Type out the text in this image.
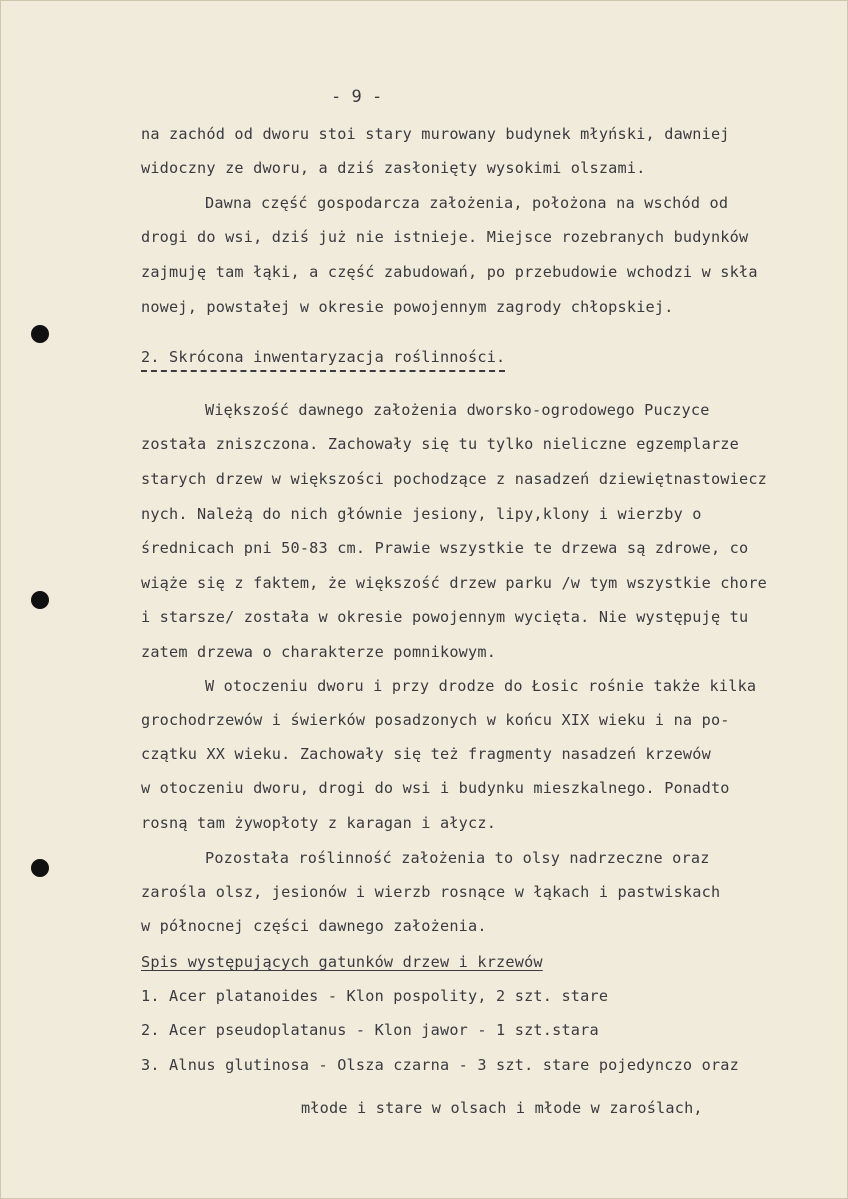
- 9 -
na zachód od dworu stoi stary murowany budynek młyński, dawniej
widoczny ze dworu, a dziś zasłonięty wysokimi olszami.
Dawna część gospodarcza założenia, położona na wschód od
drogi do wsi, dziś już nie istnieje. Miejsce rozebranych budynków
zajmuję tam łąki, a część zabudowań, po przebudowie wchodzi w skła
nowej, powstałej w okresie powojennym zagrody chłopskiej.
2. Skrócona inwentaryzacja roślinności.
Większość dawnego założenia dworsko-ogrodowego Puczyce
została zniszczona. Zachowały się tu tylko nieliczne egzemplarze
starych drzew w większości pochodzące z nasadzeń dziewiętnastowiecz
nych. Należą do nich głównie jesiony, lipy,klony i wierzby o
średnicach pni 50-83 cm. Prawie wszystkie te drzewa są zdrowe, co
wiąże się z faktem, że większość drzew parku /w tym wszystkie chore
i starsze/ została w okresie powojennym wycięta. Nie występuję tu
zatem drzewa o charakterze pomnikowym.
W otoczeniu dworu i przy drodze do Łosic rośnie także kilka
grochodrzewów i świerków posadzonych w końcu XIX wieku i na po-
czątku XX wieku. Zachowały się też fragmenty nasadzeń krzewów
w otoczeniu dworu, drogi do wsi i budynku mieszkalnego. Ponadto
rosną tam żywopłoty z karagan i ałycz.
Pozostała roślinność założenia to olsy nadrzeczne oraz
zarośla olsz, jesionów i wierzb rosnące w łąkach i pastwiskach
w północnej części dawnego założenia.
Spis występujących gatunków drzew i krzewów
1. Acer platanoides - Klon pospolity, 2 szt. stare
2. Acer pseudoplatanus - Klon jawor - 1 szt.stara
3. Alnus glutinosa - Olsza czarna - 3 szt. stare pojedynczo oraz
młode i stare w olsach i młode w zaroślach,
